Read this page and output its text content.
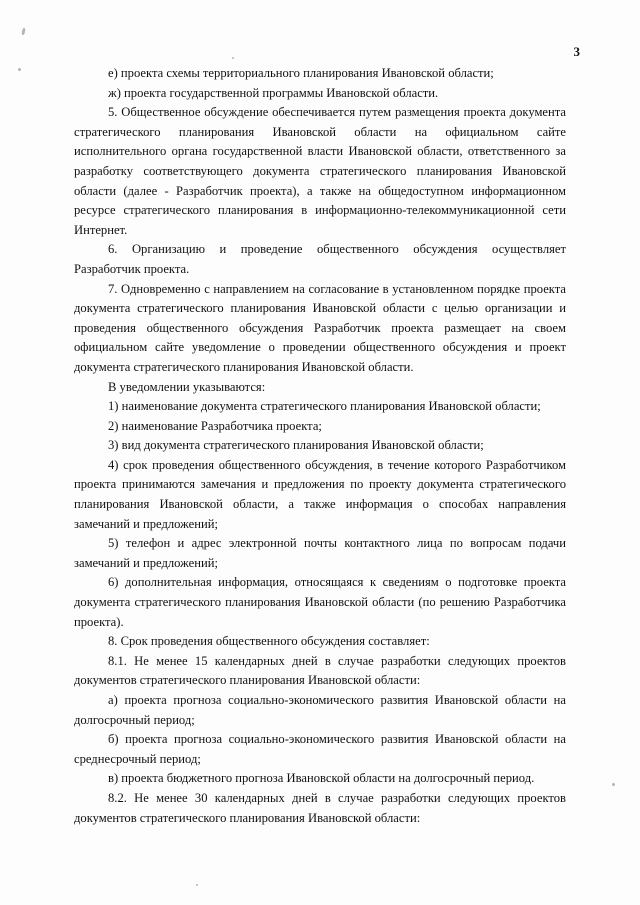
3

е) проекта схемы территориального планирования Ивановской области;

ж) проекта государственной программы Ивановской области.

5. Общественное обсуждение обеспечивается путем размещения проекта документа стратегического планирования Ивановской области на официальном сайте исполнительного органа государственной власти Ивановской области, ответственного за разработку соответствующего документа стратегического планирования Ивановской области (далее - Разработчик проекта), а также на общедоступном информационном ресурсе стратегического планирования в информационно-телекоммуникационной сети Интернет.

6. Организацию и проведение общественного обсуждения осуществляет Разработчик проекта.

7. Одновременно с направлением на согласование в установленном порядке проекта документа стратегического планирования Ивановской области с целью организации и проведения общественного обсуждения Разработчик проекта размещает на своем официальном сайте уведомление о проведении общественного обсуждения и проект документа стратегического планирования Ивановской области.

В уведомлении указываются:

1) наименование документа стратегического планирования Ивановской области;

2) наименование Разработчика проекта;

3) вид документа стратегического планирования Ивановской области;

4) срок проведения общественного обсуждения, в течение которого Разработчиком проекта принимаются замечания и предложения по проекту документа стратегического планирования Ивановской области, а также информация о способах направления замечаний и предложений;

5) телефон и адрес электронной почты контактного лица по вопросам подачи замечаний и предложений;

6) дополнительная информация, относящаяся к сведениям о подготовке проекта документа стратегического планирования Ивановской области (по решению Разработчика проекта).

8. Срок проведения общественного обсуждения составляет:

8.1. Не менее 15 календарных дней в случае разработки следующих проектов документов стратегического планирования Ивановской области:

а) проекта прогноза социально-экономического развития Ивановской области на долгосрочный период;

б) проекта прогноза социально-экономического развития Ивановской области на среднесрочный период;

в) проекта бюджетного прогноза Ивановской области на долгосрочный период.

8.2. Не менее 30 календарных дней в случае разработки следующих проектов документов стратегического планирования Ивановской области:
